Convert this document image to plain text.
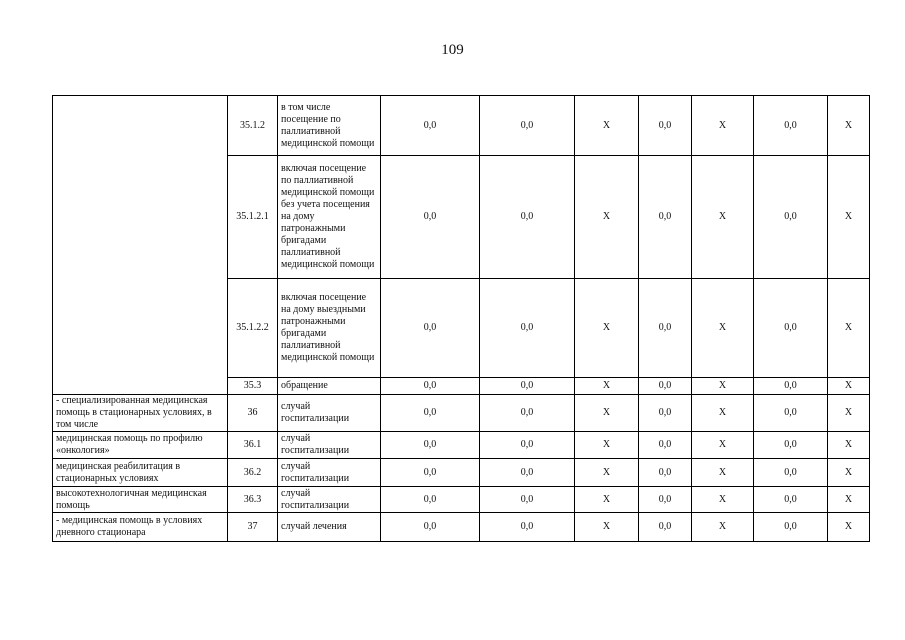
109
	35.1.2	в том числе посещение по паллиативной медицинской помощи	0,0	0,0	X	0,0	X	0,0	X
	35.1.2.1	включая посещение по паллиативной медицинской помощи без учета посещения на дому патронажными бригадами паллиативной медицинской помощи	0,0	0,0	X	0,0	X	0,0	X
	35.1.2.2	включая посещение на дому выездными патронажными бригадами паллиативной медицинской помощи	0,0	0,0	X	0,0	X	0,0	X
	35.3	обращение	0,0	0,0	X	0,0	X	0,0	X
- специализированная медицинская помощь в стационарных условиях, в том числе	36	случай госпитализации	0,0	0,0	X	0,0	X	0,0	X
медицинская помощь по профилю «онкология»	36.1	случай госпитализации	0,0	0,0	X	0,0	X	0,0	X
медицинская реабилитация в стационарных условиях	36.2	случай госпитализации	0,0	0,0	X	0,0	X	0,0	X
высокотехнологичная медицинская помощь	36.3	случай госпитализации	0,0	0,0	X	0,0	X	0,0	X
- медицинская помощь в условиях дневного стационара	37	случай лечения	0,0	0,0	X	0,0	X	0,0	X
